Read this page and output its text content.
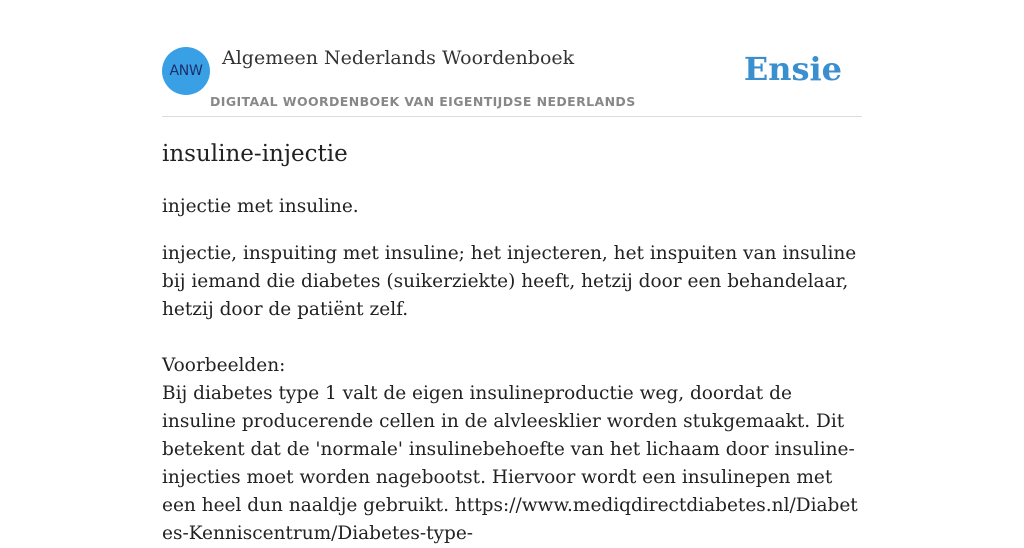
ANW
Algemeen Nederlands Woordenboek
DIGITAAL WOORDENBOEK VAN EIGENTIJDSE NEDERLANDS
Ensie
insuline-injectie

injectie met insuline.

injectie, inspuiting met insuline; het injecteren, het inspuiten van insuline bij iemand die diabetes (suikerziekte) heeft, hetzij door een behandelaar, hetzij door de patiënt zelf.

Voorbeelden:

Bij diabetes type 1 valt de eigen insulineproductie weg, doordat de insuline producerende cellen in de alvleesklier worden stukgemaakt. Dit betekent dat de 'normale' insulinebehoefte van het lichaam door insuline-injecties moet worden nagebootst. Hiervoor wordt een insulinepen met een heel dun naaldje gebruikt. https://www.mediqdirectdiabetes.nl/Diabetes-Kenniscentrum/Diabetes-type-
